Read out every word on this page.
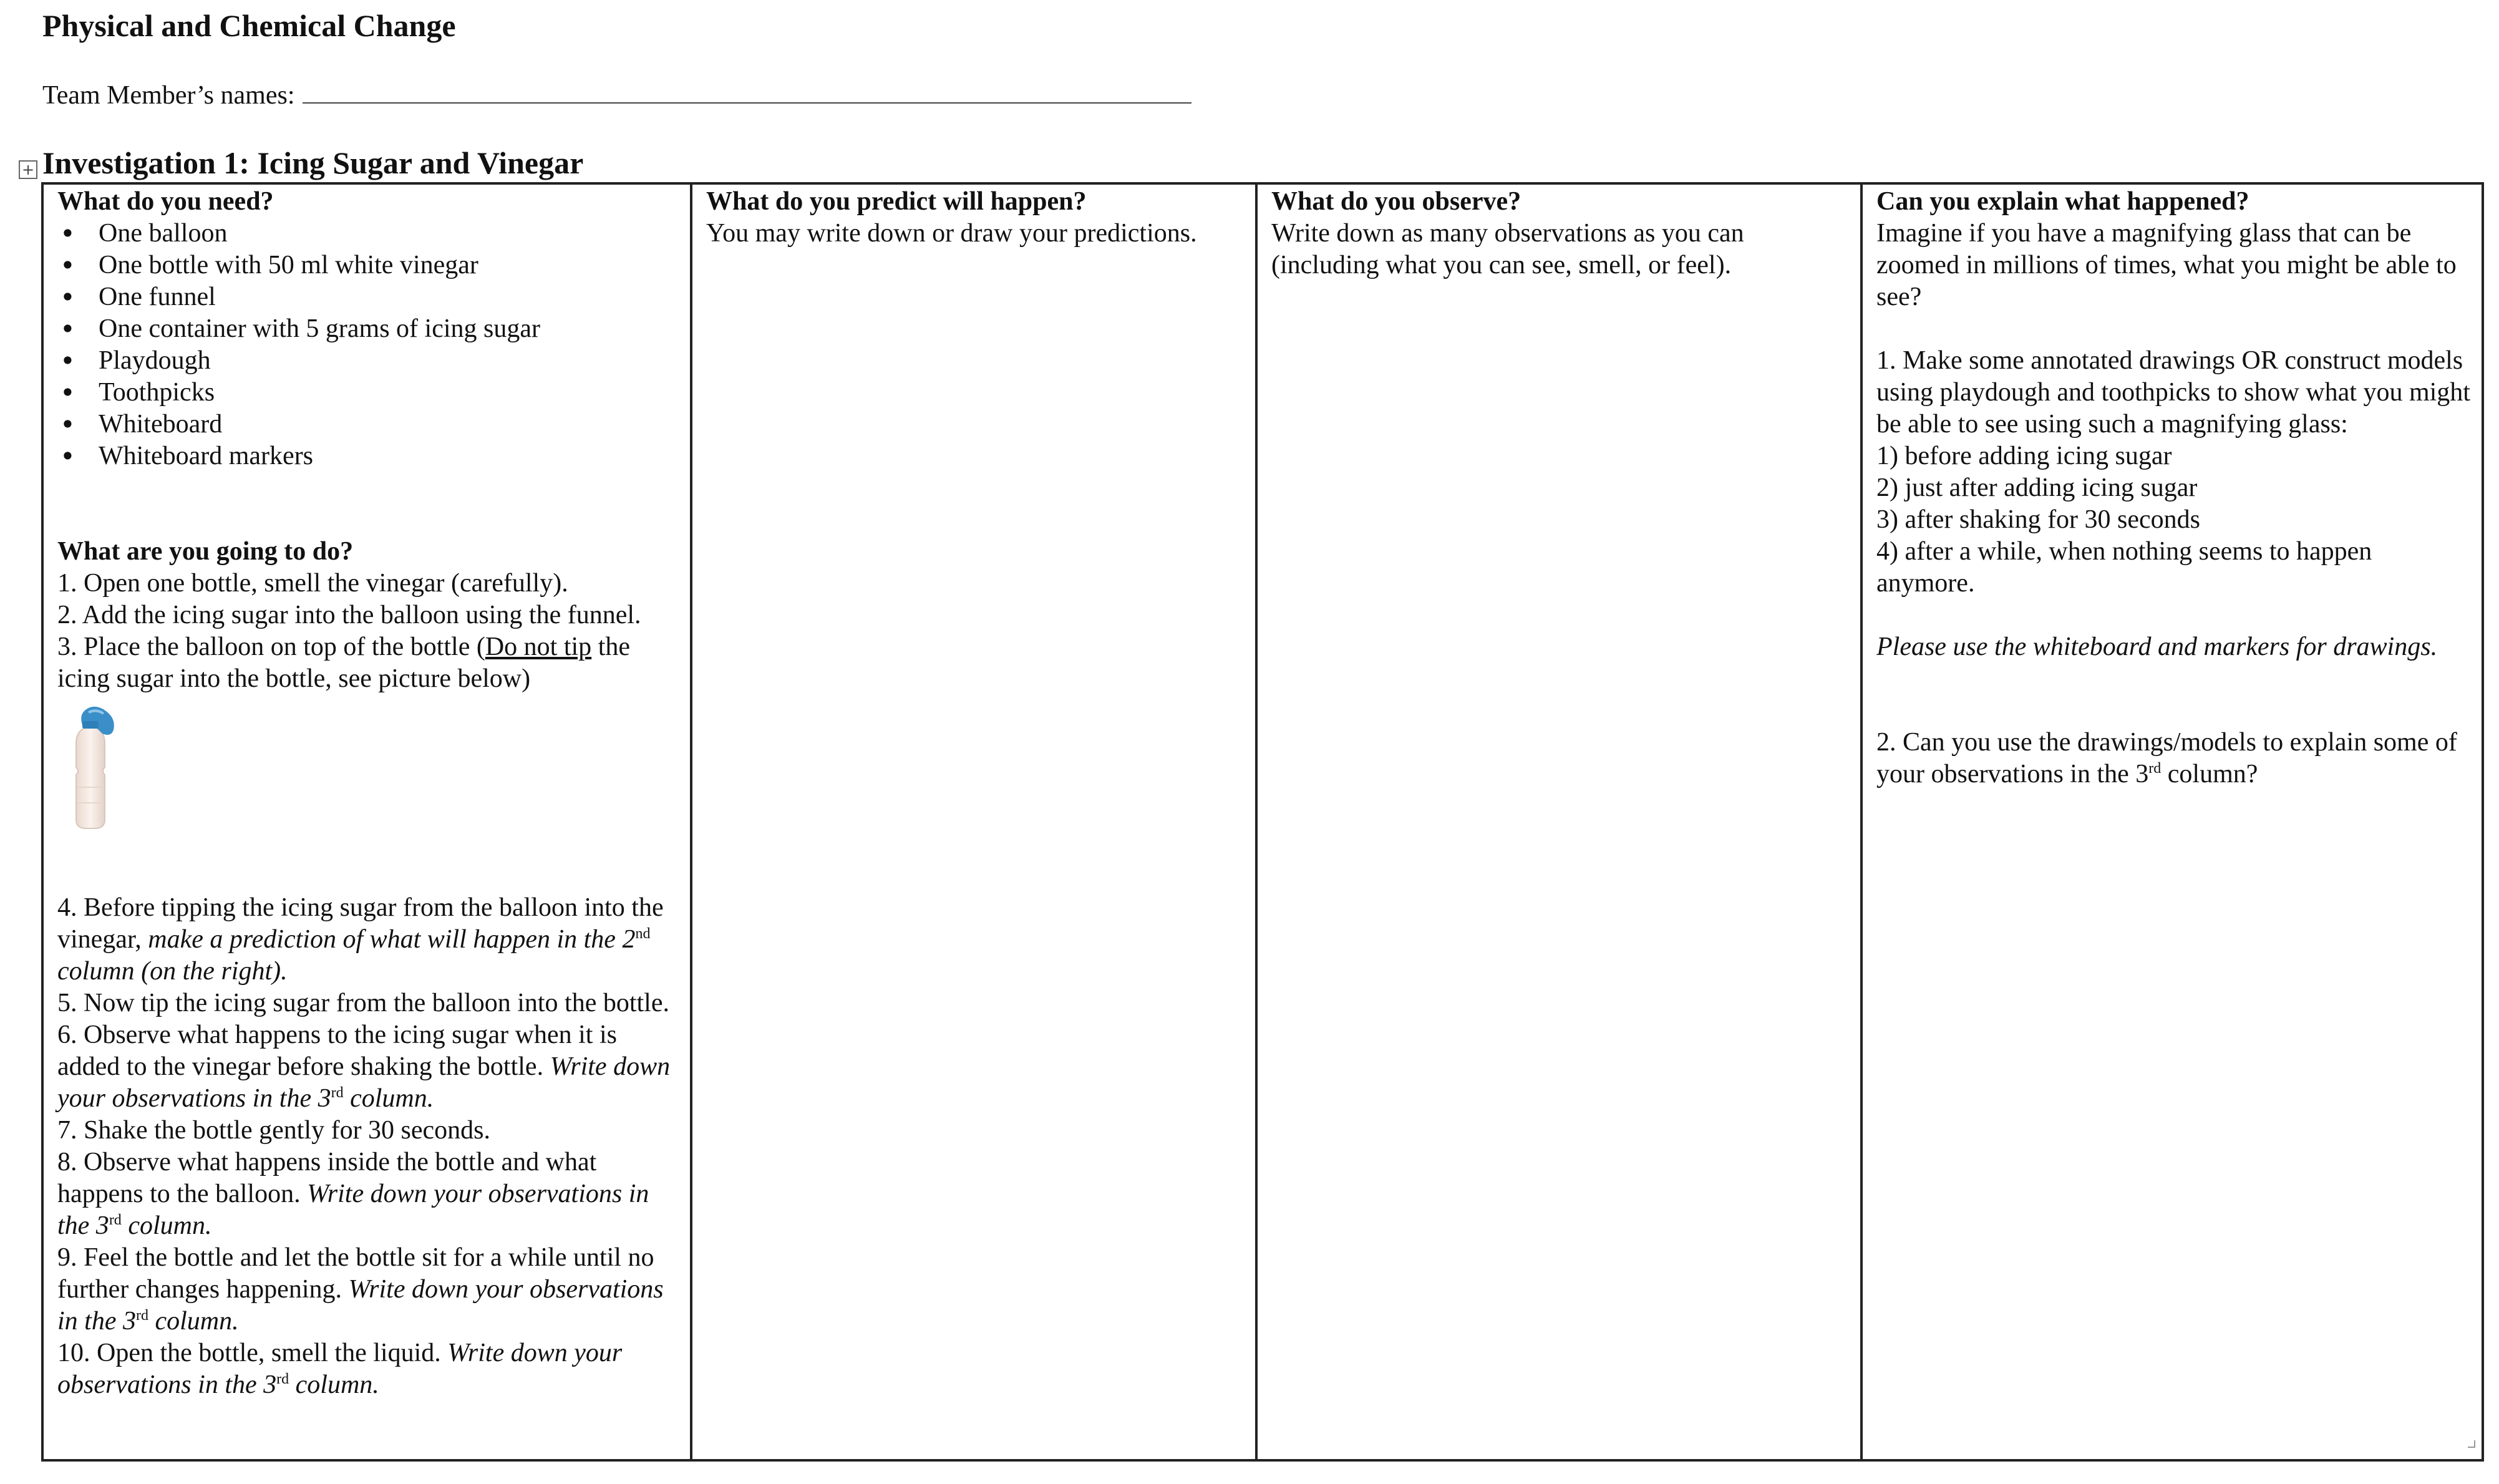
Physical and Chemical Change
Team Member’s names:
+ Investigation 1: Icing Sugar and Vinegar
What do you need?
• One balloon
• One bottle with 50 ml white vinegar
• One funnel
• One container with 5 grams of icing sugar
• Playdough
• Toothpicks
• Whiteboard
• Whiteboard markers
What are you going to do?

1. Open one bottle, smell the vinegar (carefully).

2. Add the icing sugar into the balloon using the funnel.

3. Place the balloon on top of the bottle (Do not tip the icing sugar into the bottle, see picture below)

4. Before tipping the icing sugar from the balloon into the vinegar, make a prediction of what will happen in the 2nd column (on the right).

5. Now tip the icing sugar from the balloon into the bottle.

6. Observe what happens to the icing sugar when it is added to the vinegar before shaking the bottle. Write down your observations in the 3rd column.

7. Shake the bottle gently for 30 seconds.

8. Observe what happens inside the bottle and what happens to the balloon. Write down your observations in the 3rd column.

9. Feel the bottle and let the bottle sit for a while until no further changes happening. Write down your observations in the 3rd column.

10. Open the bottle, smell the liquid. Write down your observations in the 3rd column.

What do you predict will happen?

You may write down or draw your predictions.

What do you observe?

Write down as many observations as you can (including what you can see, smell, or feel).

Can you explain what happened?

Imagine if you have a magnifying glass that can be zoomed in millions of times, what you might be able to see?

1. Make some annotated drawings OR construct models using playdough and toothpicks to show what you might be able to see using such a magnifying glass:

1) before adding icing sugar

2) just after adding icing sugar

3) after shaking for 30 seconds

4) after a while, when nothing seems to happen anymore.

Please use the whiteboard and markers for drawings.

2. Can you use the drawings/models to explain some of your observations in the 3rd column?
